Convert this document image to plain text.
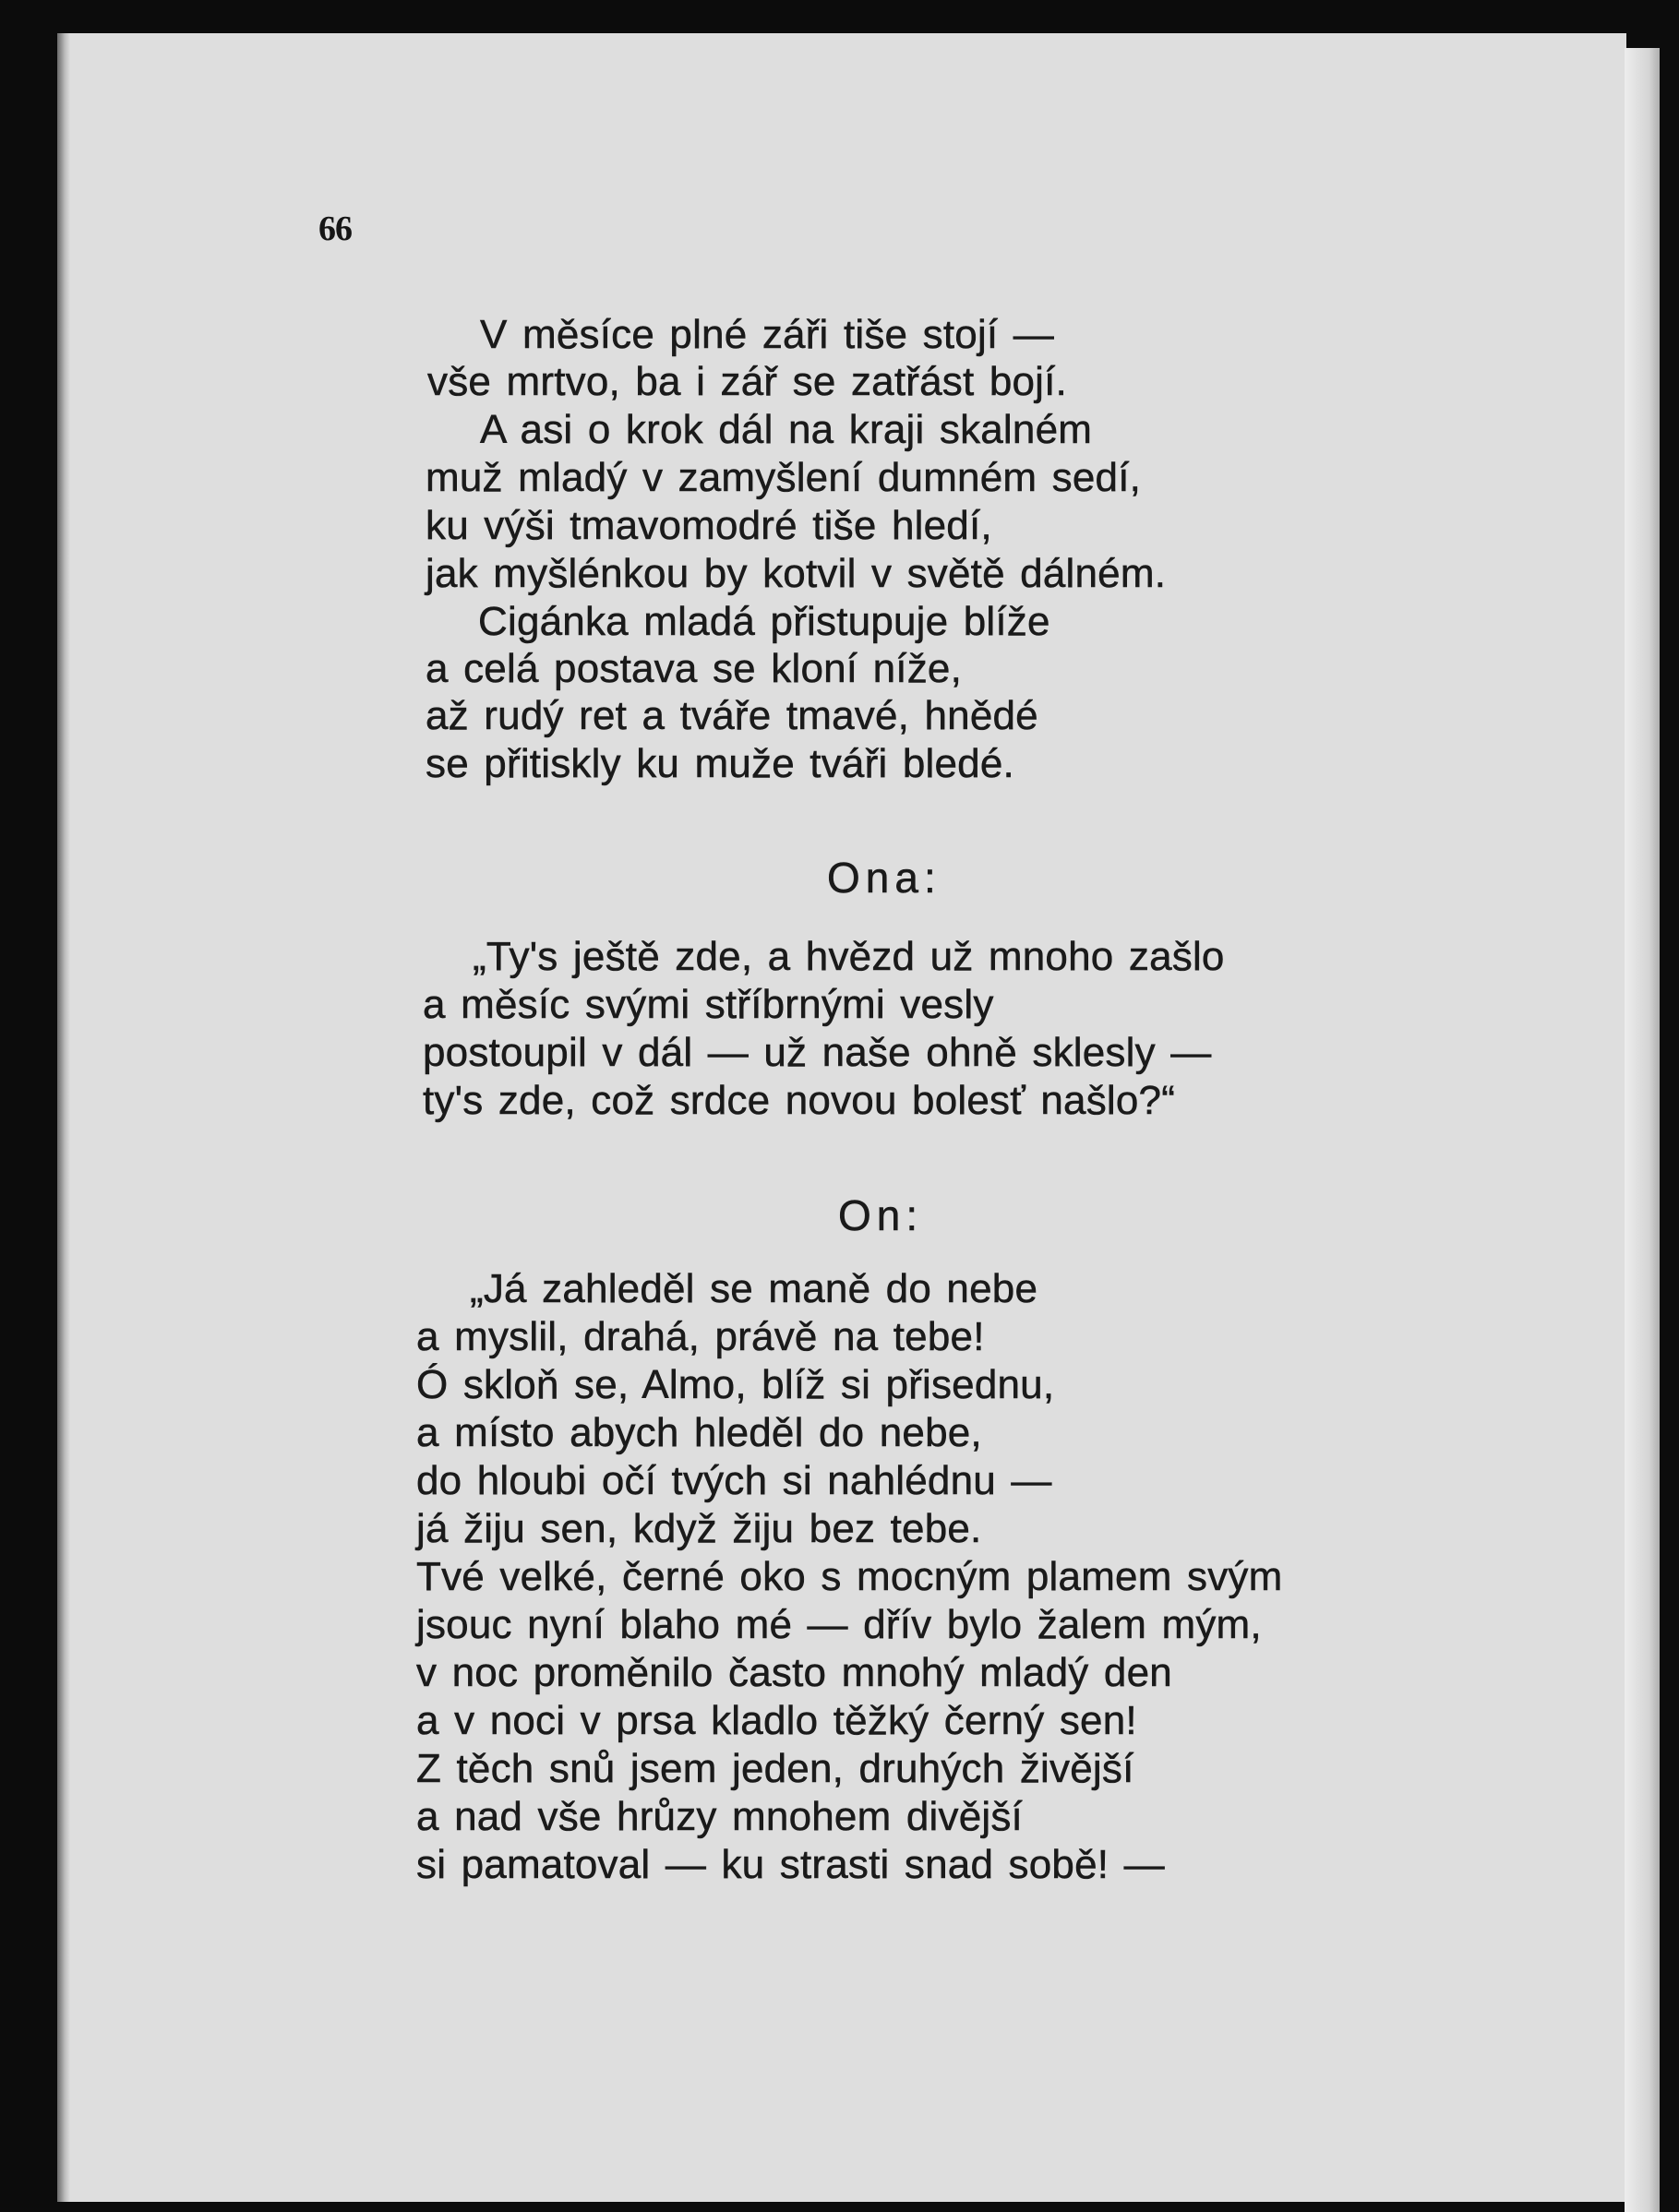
66
V měsíce plné záři tiše stojí —
vše mrtvo, ba i zář se zatřást bojí.
A asi o krok dál na kraji skalném
muž mladý v zamyšlení dumném sedí,
ku výši tmavomodré tiše hledí,
jak myšlénkou by kotvil v světě dálném.
Cigánka mladá přistupuje blíže
a celá postava se kloní níže,
až rudý ret a tváře tmavé, hnědé
se přitiskly ku muže tváři bledé.
Ona:
„Ty's ještě zde, a hvězd už mnoho zašlo
a měsíc svými stříbrnými vesly
postoupil v dál — už naše ohně sklesly —
ty's zde, což srdce novou bolesť našlo?“
On:
„Já zahleděl se maně do nebe
a myslil, drahá, právě na tebe!
Ó skloň se, Almo, blíž si přisednu,
a místo abych hleděl do nebe,
do hloubi očí tvých si nahlédnu —
já žiju sen, když žiju bez tebe.
Tvé velké, černé oko s mocným plamem svým
jsouc nyní blaho mé — dřív bylo žalem mým,
v noc proměnilo často mnohý mladý den
a v noci v prsa kladlo těžký černý sen!
Z těch snů jsem jeden, druhých živější
a nad vše hrůzy mnohem divější
si pamatoval — ku strasti snad sobě! —
